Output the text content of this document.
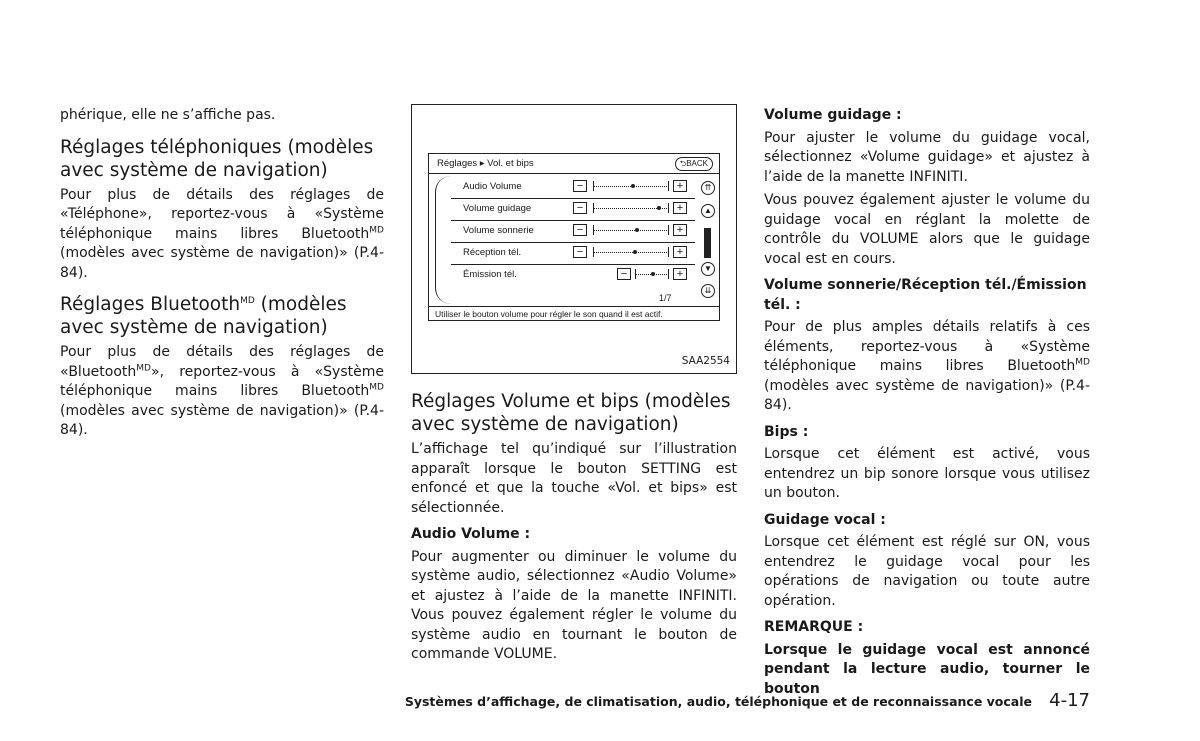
phérique, elle ne s’affiche pas.

Réglages téléphoniques (modèles avec système de navigation)

Pour plus de détails des réglages de «Téléphone», reportez-vous à «Système téléphonique mains libres Bluetooth$^{MD}$ (modèles avec système de navigation)» (P.4-84).

Réglages Bluetooth$^{MD}$ (modèles avec système de navigation)

Pour plus de détails des réglages de «Bluetooth$^{MD}$», reportez-vous à «Système téléphonique mains libres Bluetooth$^{MD}$ (modèles avec système de navigation)» (P.4-84).

Réglages ▸ Vol. et bips	⮌BACK
Audio Volume	−	+
Volume guidage	−	+
Volume sonnerie	−	+
Réception tél.	−	+
Émission tél.	−	+
⇈
▲
▼
⇊
1/7
Utiliser le bouton volume pour régler le son quand il est actif.
SAA2554
Réglages Volume et bips (modèles avec système de navigation)

L’affichage tel qu’indiqué sur l’illustration apparaît lorsque le bouton SETTING est enfoncé et que la touche «Vol. et bips» est sélectionnée.

Audio Volume :

Pour augmenter ou diminuer le volume du système audio, sélectionnez «Audio Volume» et ajustez à l’aide de la manette INFINITI. Vous pouvez également régler le volume du système audio en tournant le bouton de commande VOLUME.

Volume guidage :

Pour ajuster le volume du guidage vocal, sélectionnez «Volume guidage» et ajustez à l’aide de la manette INFINITI.

Vous pouvez également ajuster le volume du guidage vocal en réglant la molette de contrôle du VOLUME alors que le guidage vocal est en cours.

Volume sonnerie/Réception tél./Émission tél. :

Pour de plus amples détails relatifs à ces éléments, reportez-vous à «Système téléphonique mains libres Bluetooth$^{MD}$ (modèles avec système de navigation)» (P.4-84).

Bips :

Lorsque cet élément est activé, vous entendrez un bip sonore lorsque vous utilisez un bouton.

Guidage vocal :

Lorsque cet élément est réglé sur ON, vous entendrez le guidage vocal pour les opérations de navigation ou toute autre opération.

REMARQUE :

Lorsque le guidage vocal est annoncé pendant la lecture audio, tourner le bouton

Systèmes d’affichage, de climatisation, audio, téléphonique et de reconnaissance vocale 4-17
